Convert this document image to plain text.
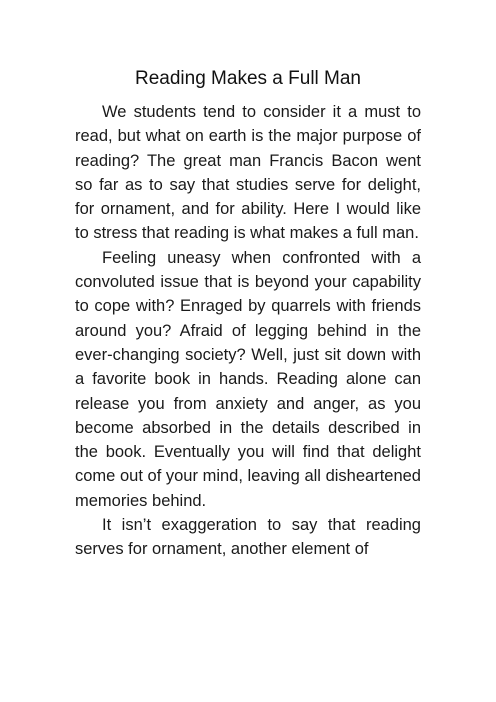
Reading Makes a Full Man

We students tend to consider it a must to read, but what on earth is the major purpose of reading? The great man Francis Bacon went so far as to say that studies serve for delight, for ornament, and for ability. Here I would like to stress that reading is what makes a full man.

Feeling uneasy when confronted with a convoluted issue that is beyond your capability to cope with? Enraged by quarrels with friends around you? Afraid of legging behind in the ever-changing society? Well, just sit down with a favorite book in hands. Reading alone can release you from anxiety and anger, as you become absorbed in the details described in the book. Eventually you will find that delight come out of your mind, leaving all disheartened memories behind.

It isn’t exaggeration to say that reading serves for ornament, another element of
